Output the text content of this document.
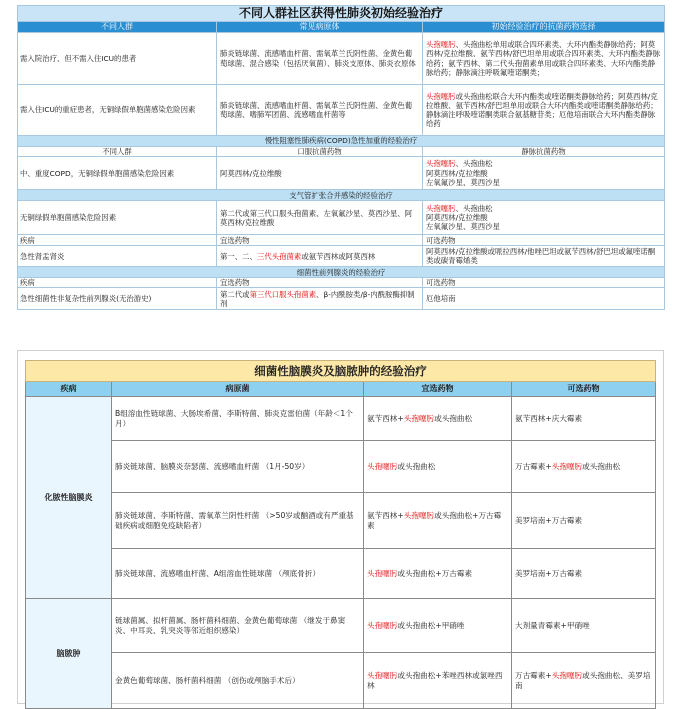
不同人群社区获得性肺炎初始经验治疗		
不同人群	常见病原体	初始经验治疗的抗菌药物选择
需入院治疗、但不需入住ICU的患者	肺炎链球菌、流感嗜血杆菌、需氧革兰氏阴性菌、金黄色葡萄球菌、混合感染（包括厌氧菌）、肺炎支原体、肺炎衣原体	头孢噻肟、头孢曲松单用或联合四环素类、大环内酯类静脉给药；阿莫西林/克拉维酸、氨苄西林/舒巴坦单用或联合四环素类、大环内酯类静脉给药；氨苄西林、第二代头孢菌素单用或联合四环素类、大环内酯类静脉给药；静脉滴注呼吸氟喹诺酮类；
需入住ICU的重症患者，无铜绿假单胞菌感染危险因素	肺炎链球菌、流感嗜血杆菌、需氧革兰氏阴性菌、金黄色葡萄球菌、嗜肺军团菌、流感嗜血杆菌等	头孢噻肟或头孢曲松联合大环内酯类或喹诺酮类静脉给药；阿莫西林/克拉维酸、氨苄西林/舒巴坦单用或联合大环内酯类或喹诺酮类静脉给药；静脉滴注呼吸喹诺酮类联合氨基糖苷类；厄他培南联合大环内酯类静脉给药
慢性阻塞性肺疾病(COPD)急性加重的经验治疗		
不同人群	口服抗菌药物	静脉抗菌药物
中、重度COPD，无铜绿假单胞菌感染危险因素	阿莫西林/克拉维酸	头孢噻肟、头孢曲松
阿莫西林/克拉维酸
左氧氟沙星、莫西沙星
支气管扩张合并感染的经验治疗		
无铜绿假单胞菌感染危险因素	第二代或第三代口服头孢菌素、左氧氟沙星、莫西沙星、阿莫西林/克拉维酸	头孢噻肟、头孢曲松
阿莫西林/克拉维酸
左氧氟沙星、莫西沙星
疾病	宜选药物	可选药物
急性肾盂肾炎	第一、二、三代头孢菌素或氨苄西林或阿莫西林	阿莫西林/克拉维酸或哌拉西林/他唑巴坦或氨苄西林/舒巴坦或氟喹诺酮类或碳青霉烯类
细菌性前列腺炎的经验治疗		
疾病	宜选药物	可选药物
急性细菌性非复杂性前列腺炎(无治游史)	第二代或第三代口服头孢菌素、β-内酰胺类/β-内酰胺酶抑制剂	厄他培南
细菌性脑膜炎及脑脓肿的经验治疗			
疾病	病原菌	宜选药物	可选药物
化脓性脑膜炎	B组溶血性链球菌、大肠埃希菌、李斯特菌、肺炎克雷伯菌（年龄＜1个月）	氨苄西林+头孢噻肟或头孢曲松	氨苄西林+庆大霉素
	肺炎链球菌、脑膜炎奈瑟菌、流感嗜血杆菌 （1月-50岁）	头孢噻肟或头孢曲松	万古霉素+头孢噻肟或头孢曲松
	肺炎链球菌、李斯特菌、需氧革兰阴性杆菌 （>50岁或酗酒或有严重基础疾病或细胞免疫缺陷者）	氨苄西林+头孢噻肟或头孢曲松+万古霉素	美罗培南+万古霉素
	肺炎链球菌、流感嗜血杆菌、A组溶血性链球菌 （颅底骨折）	头孢噻肟或头孢曲松+万古霉素	美罗培南+万古霉素
脑脓肿	链球菌属、拟杆菌属、肠杆菌科细菌、金黄色葡萄球菌 （继发于鼻窦炎、中耳炎、乳突炎等邻近组织感染）	头孢噻肟或头孢曲松+甲硝唑	大剂量青霉素+甲硝唑
	金黄色葡萄球菌、肠杆菌科细菌 （创伤或颅脑手术后）	头孢噻肟或头孢曲松+苯唑西林或氯唑西林	万古霉素+头孢噻肟或头孢曲松、美罗培南
